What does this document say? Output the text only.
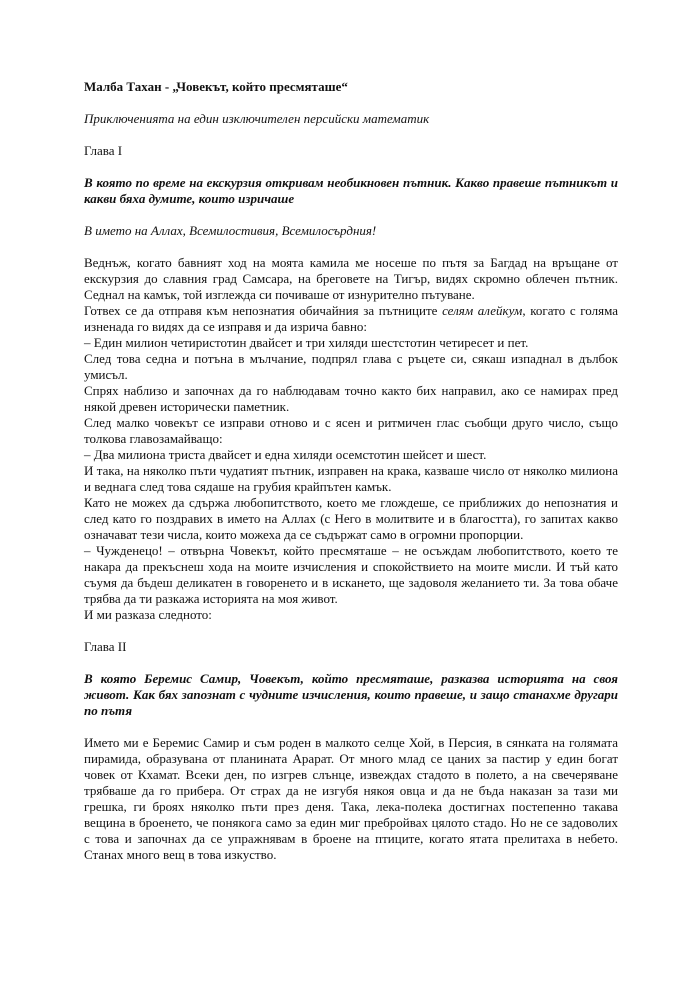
Малба Тахан - „Човекът, който пресмяташе“

Приключенията на един изключителен персийски математик

Глава I

В която по време на екскурзия откривам необикновен пътник. Какво правеше пътникът и какви бяха думите, които изричаше

В името на Аллах, Всемилостивия, Всемилосърдния!

Веднъж, когато бавният ход на моята камила ме носеше по пътя за Багдад на връщане от екскурзия до славния град Самсара, на бреговете на Тигър, видях скромно облечен пътник. Седнал на камък, той изглежда си почиваше от изнурително пътуване.

Готвех се да отправя към непознатия обичайния за пътниците селям алейкум, когато с голяма изненада го видях да се изправя и да изрича бавно:

– Един милион четиристотин двайсет и три хиляди шестстотин четиресет и пет.

След това седна и потъна в мълчание, подпрял глава с ръцете си, сякаш изпаднал в дълбок умисъл.

Спрях наблизо и започнах да го наблюдавам точно както бих направил, ако се намирах пред някой древен исторически паметник.

След малко човекът се изправи отново и с ясен и ритмичен глас съобщи друго число, също толкова главозамайващо:

– Два милиона триста двайсет и една хиляди осемстотин шейсет и шест.

И така, на няколко пъти чудатият пътник, изправен на крака, казваше число от няколко милиона и веднага след това сядаше на грубия крайпътен камък.

Като не можех да сдържа любопитството, което ме глождеше, се приближих до непознатия и след като го поздравих в името на Аллах (с Него в молитвите и в благостта), го запитах какво означават тези числа, които можеха да се съдържат само в огромни пропорции.

– Чужденецо! – отвърна Човекът, който пресмяташе – не осъждам любопитството, което те накара да прекъснеш хода на моите изчисления и спокойствието на моите мисли. И тъй като съумя да бъдеш деликатен в говоренето и в искането, ще задоволя желанието ти. За това обаче трябва да ти разкажа историята на моя живот.

И ми разказа следното:

Глава II

В която Беремис Самир, Човекът, който пресмяташе, разказва историята на своя живот. Как бях запознат с чудните изчисления, които правеше, и защо станахме другари по пътя

Името ми е Беремис Самир и съм роден в малкото селце Хой, в Персия, в сянката на голямата пирамида, образувана от планината Арарат. От много млад се цаних за пастир у един богат човек от Кхамат. Всеки ден, по изгрев слънце, извеждах стадото в полето, а на свечеряване трябваше да го прибера. От страх да не изгубя някоя овца и да не бъда наказан за тази ми грешка, ги броях няколко пъти през деня. Така, лека-полека достигнах постепенно такава вещина в броенето, че понякога само за един миг пребройвах цялото стадо. Но не се задоволих с това и започнах да се упражнявам в броене на птиците, когато ятата прелитаха в небето. Станах много вещ в това изкуство.
